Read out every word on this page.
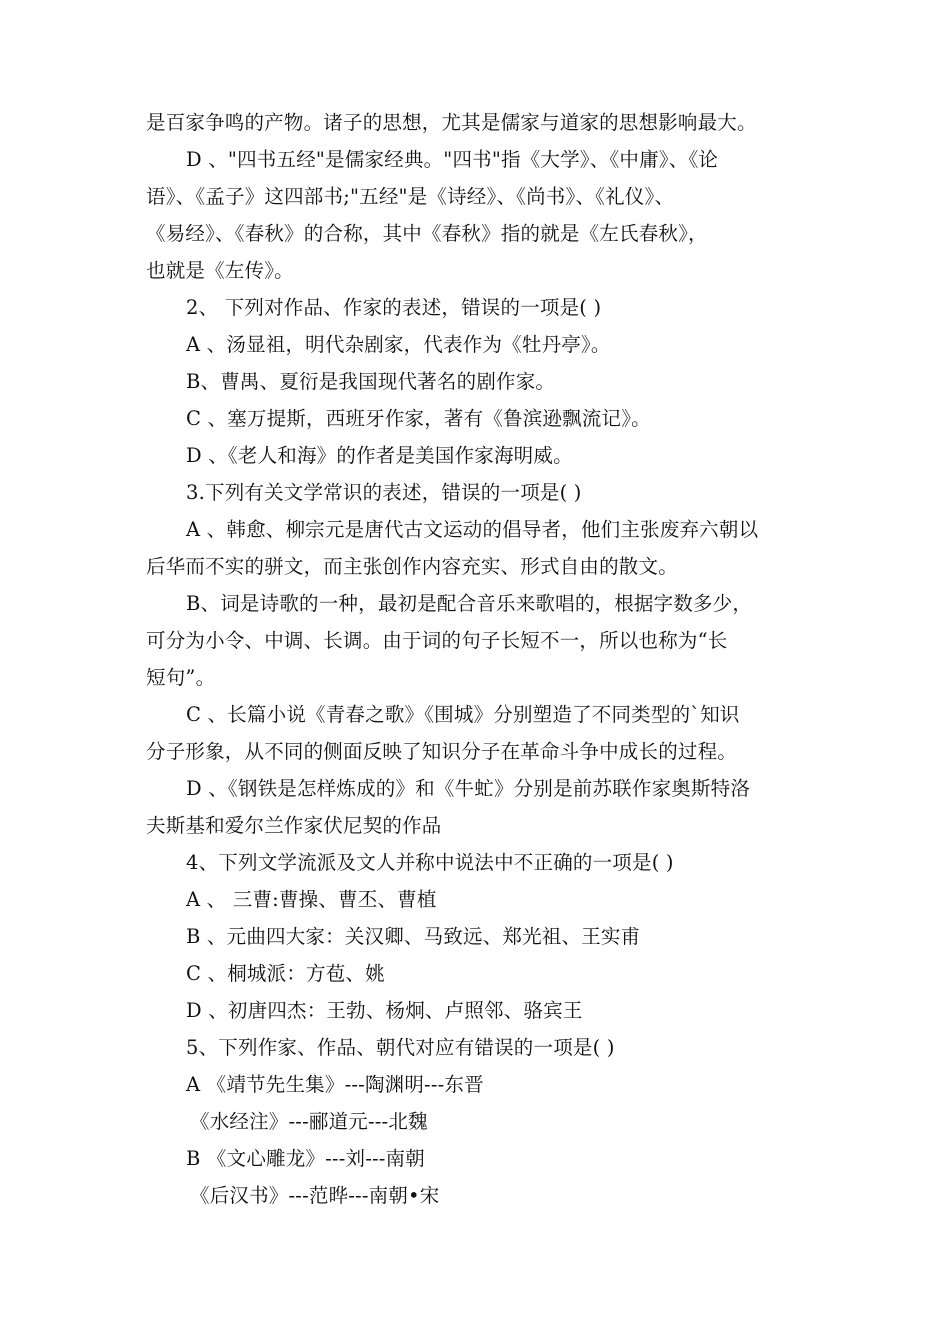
是百家争鸣的产物。诸子的思想，尤其是儒家与道家的思想影响最大。
D 、"四书五经"是儒家经典。"四书"指《大学》、《中庸》、《论
语》、《孟子》这四部书;"五经"是《诗经》、《尚书》、《礼仪》、
《易经》、《春秋》的合称，其中《春秋》指的就是《左氏春秋》，
也就是《左传》。
2、 下列对作品、作家的表述，错误的一项是( )
A 、汤显祖，明代杂剧家，代表作为《牡丹亭》。
B、曹禺、夏衍是我国现代著名的剧作家。
C 、塞万提斯，西班牙作家，著有《鲁滨逊飘流记》。
D 、《老人和海》的作者是美国作家海明威。
3.下列有关文学常识的表述，错误的一项是( )
A 、韩愈、柳宗元是唐代古文运动的倡导者，他们主张废弃六朝以
后华而不实的骈文，而主张创作内容充实、形式自由的散文。
B、词是诗歌的一种，最初是配合音乐来歌唱的，根据字数多少，
可分为小令、中调、长调。由于词的句子长短不一，所以也称为“长
短句”。
C 、长篇小说《青春之歌》《围城》分别塑造了不同类型的`知识
分子形象，从不同的侧面反映了知识分子在革命斗争中成长的过程。
D 、《钢铁是怎样炼成的》和《牛虻》分别是前苏联作家奥斯特洛
夫斯基和爱尔兰作家伏尼契的作品
4、下列文学流派及文人并称中说法中不正确的一项是( )
A 、 三曹:曹操、曹丕、曹植
B 、元曲四大家：关汉卿、马致远、郑光祖、王实甫
C 、桐城派：方苞、姚
D 、初唐四杰：王勃、杨炯、卢照邻、骆宾王
5、下列作家、作品、朝代对应有错误的一项是( )
A 《靖节先生集》---陶渊明---东晋
《水经注》---郦道元---北魏
B 《文心雕龙》---刘---南朝
《后汉书》---范晔---南朝•宋
